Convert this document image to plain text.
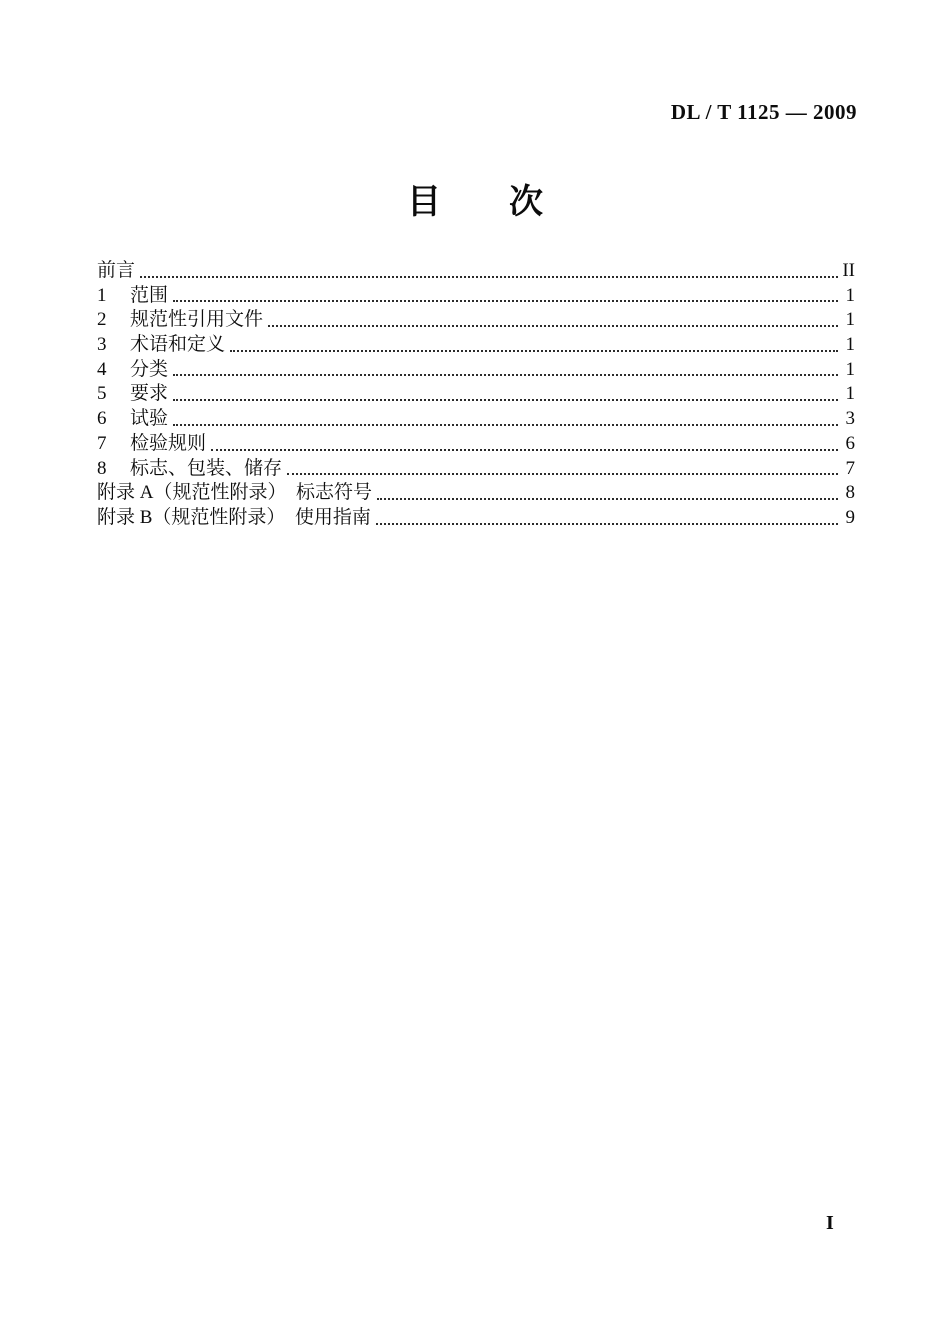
DL / T 1125 — 2009
目　　次
前言	II
1	范围	1
2	规范性引用文件	1
3	术语和定义	1
4	分类	1
5	要求	1
6	试验	3
7	检验规则	6
8	标志、包装、储存	7
附录 A（规范性附录）　标志符号	8
附录 B（规范性附录）　使用指南	9
I
